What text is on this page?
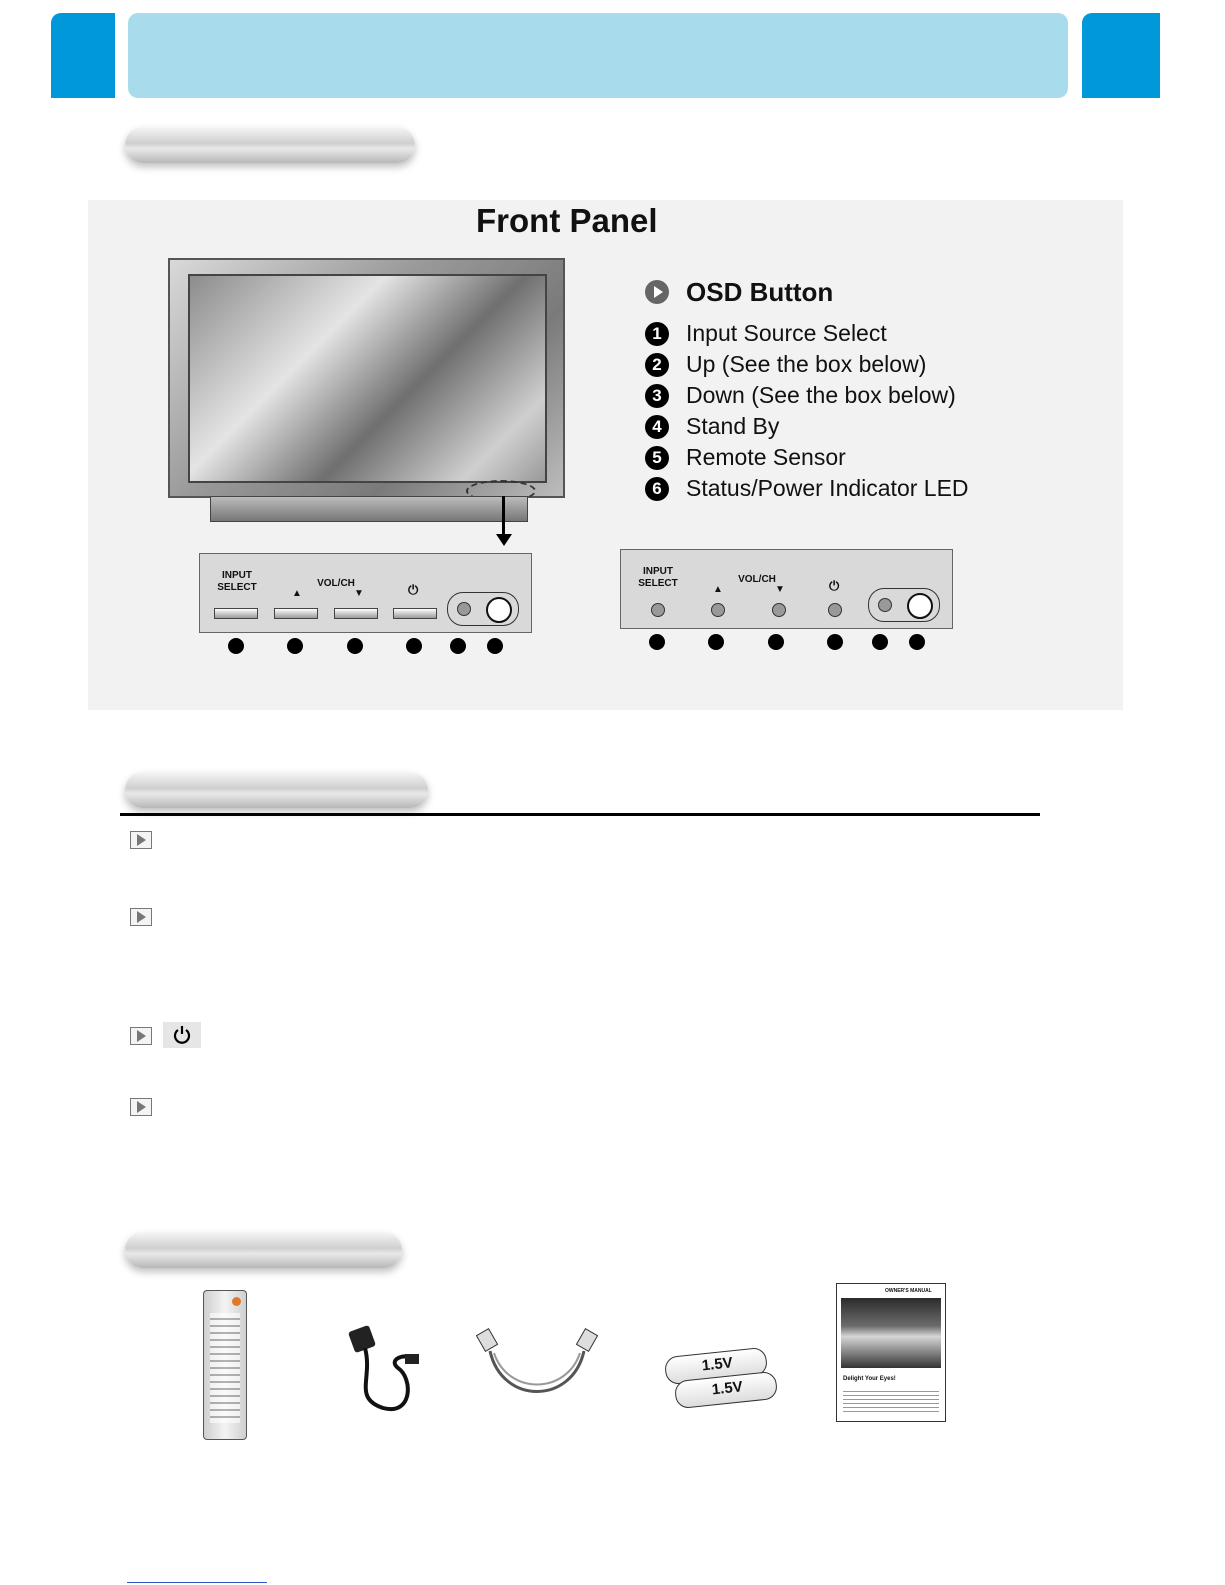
Front Panel
OSD Button
1	Input Source Select
2	Up (See the box below)
3	Down (See the box below)
4	Stand By
5	Remote Sensor
6	Status/Power Indicator LED
INPUT
SELECT
▲
VOL/CH
▼	⏻
INPUT
SELECT
▲
VOL/CH
▼	⏻
1.5V
1.5V
OWNER'S MANUAL
Delight Your Eyes!
